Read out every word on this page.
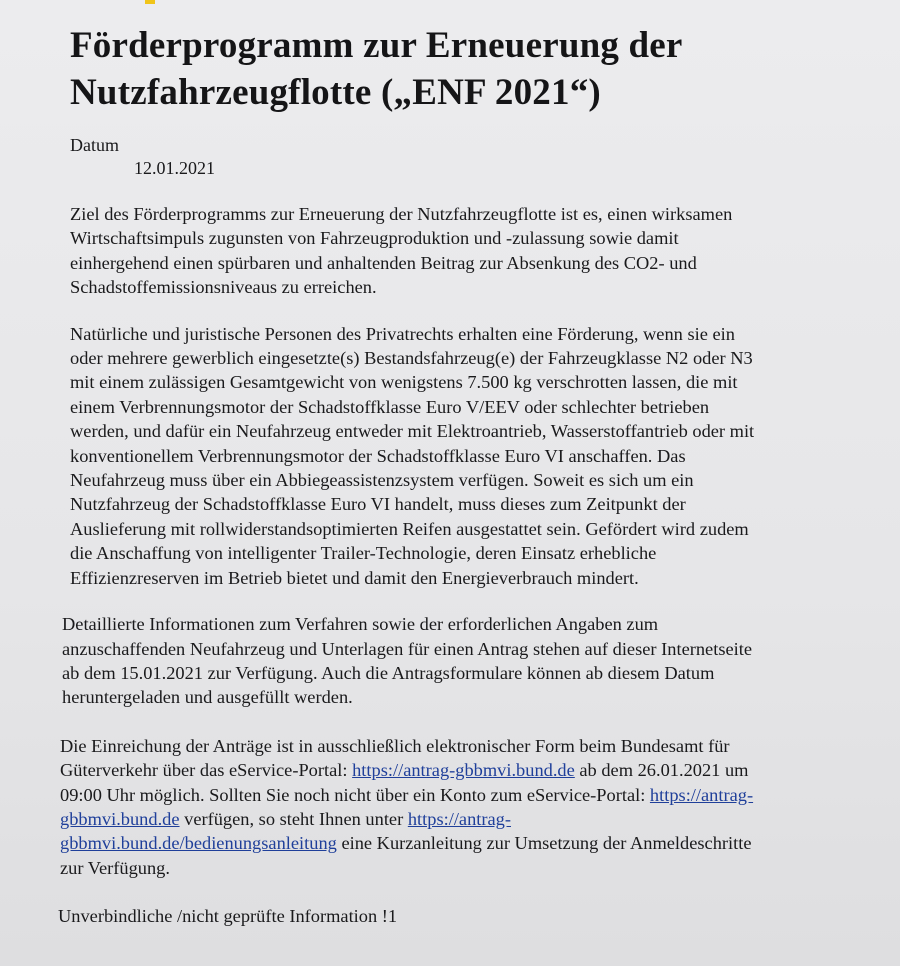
Förderprogramm zur Erneuerung der
Nutzfahrzeugflotte („ENF 2021“)
Datum
12.01.2021

Ziel des Förderprogramms zur Erneuerung der Nutzfahrzeugflotte ist es, einen wirksamen
Wirtschaftsimpuls zugunsten von Fahrzeugproduktion und -zulassung sowie damit
einhergehend einen spürbaren und anhaltenden Beitrag zur Absenkung des CO2- und
Schadstoffemissionsniveaus zu erreichen.

Natürliche und juristische Personen des Privatrechts erhalten eine Förderung, wenn sie ein
oder mehrere gewerblich eingesetzte(s) Bestandsfahrzeug(e) der Fahrzeugklasse N2 oder N3
mit einem zulässigen Gesamtgewicht von wenigstens 7.500 kg verschrotten lassen, die mit
einem Verbrennungsmotor der Schadstoffklasse Euro V/EEV oder schlechter betrieben
werden, und dafür ein Neufahrzeug entweder mit Elektroantrieb, Wasserstoffantrieb oder mit
konventionellem Verbrennungsmotor der Schadstoffklasse Euro VI anschaffen. Das
Neufahrzeug muss über ein Abbiegeassistenzsystem verfügen. Soweit es sich um ein
Nutzfahrzeug der Schadstoffklasse Euro VI handelt, muss dieses zum Zeitpunkt der
Auslieferung mit rollwiderstandsoptimierten Reifen ausgestattet sein. Gefördert wird zudem
die Anschaffung von intelligenter Trailer-Technologie, deren Einsatz erhebliche
Effizienzreserven im Betrieb bietet und damit den Energieverbrauch mindert.

Detaillierte Informationen zum Verfahren sowie der erforderlichen Angaben zum
anzuschaffenden Neufahrzeug und Unterlagen für einen Antrag stehen auf dieser Internetseite
ab dem 15.01.2021 zur Verfügung. Auch die Antragsformulare können ab diesem Datum
heruntergeladen und ausgefüllt werden.

Die Einreichung der Anträge ist in ausschließlich elektronischer Form beim Bundesamt für
Güterverkehr über das eService-Portal: https://antrag-gbbmvi.bund.de ab dem 26.01.2021 um
09:00 Uhr möglich. Sollten Sie noch nicht über ein Konto zum eService-Portal: https://antrag-
gbbmvi.bund.de verfügen, so steht Ihnen unter https://antrag-
gbbmvi.bund.de/bedienungsanleitung eine Kurzanleitung zur Umsetzung der Anmeldeschritte
zur Verfügung.

Unverbindliche /nicht geprüfte Information !1
